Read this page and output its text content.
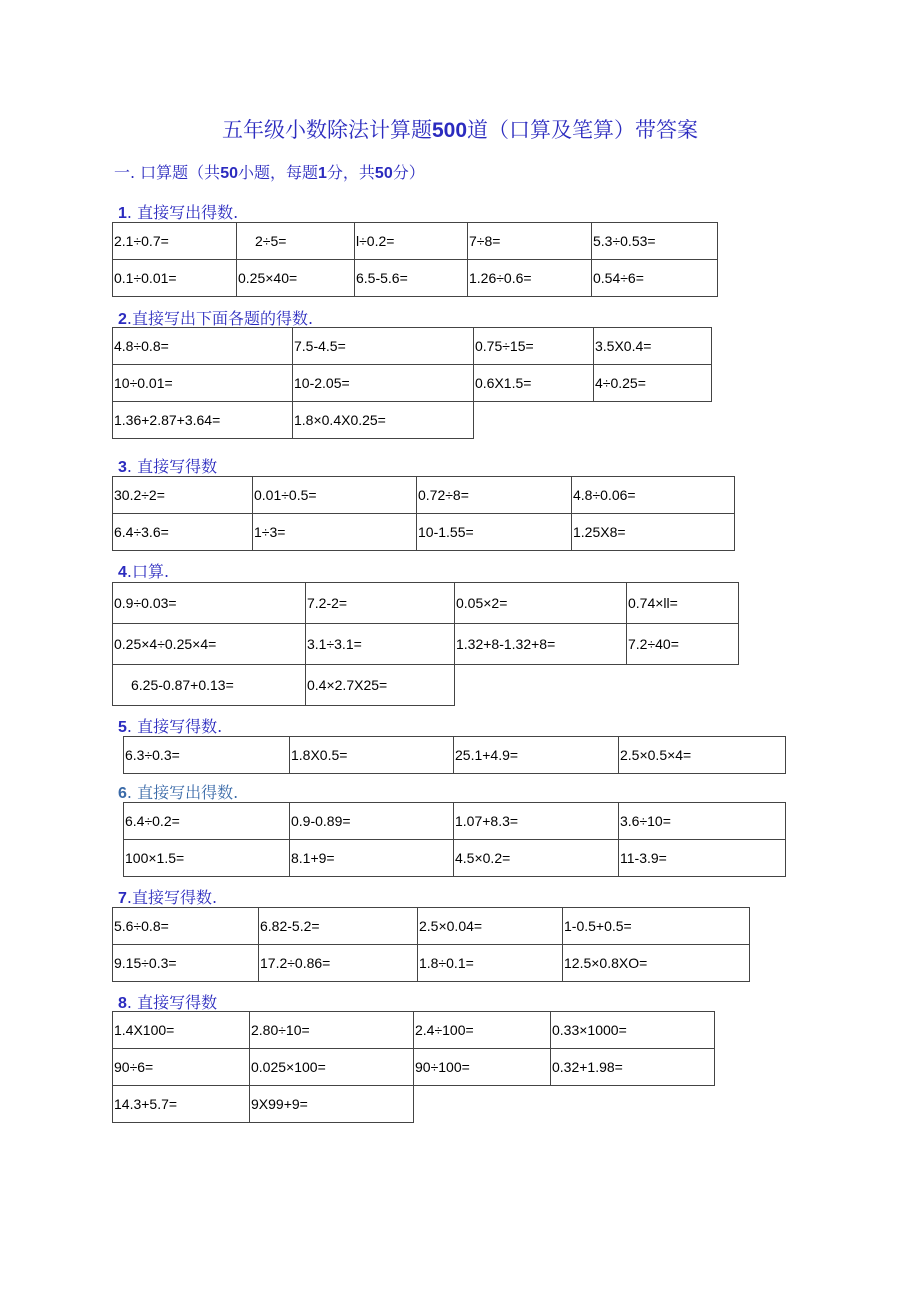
五年级小数除法计算题500道（口算及笔算）带答案
一. 口算题（共50小题，每题1分，共50分）
1. 直接写出得数.
2.1÷0.7=	2÷5=	l÷0.2=	7÷8=	5.3÷0.53=
0.1÷0.01=	0.25×40=	6.5-5.6=	1.26÷0.6=	0.54÷6=
2.直接写出下面各题的得数.
4.8÷0.8=	7.5-4.5=	0.75÷15=	3.5X0.4=
10÷0.01=	10-2.05=	0.6X1.5=	4÷0.25=
1.36+2.87+3.64=	1.8×0.4X0.25=		
3. 直接写得数
30.2÷2=	0.01÷0.5=	0.72÷8=	4.8÷0.06=
6.4÷3.6=	1÷3=	10-1.55=	1.25X8=
4.口算.
0.9÷0.03=	7.2-2=	0.05×2=	0.74×ll=
0.25×4÷0.25×4=	3.1÷3.1=	1.32+8-1.32+8=	7.2÷40=
6.25-0.87+0.13=	0.4×2.7X25=		
5. 直接写得数.
6.3÷0.3=	1.8X0.5=	25.1+4.9=	2.5×0.5×4=
6. 直接写出得数.
6.4÷0.2=	0.9-0.89=	1.07+8.3=	3.6÷10=
100×1.5=	8.1+9=	4.5×0.2=	11-3.9=
7.直接写得数.
5.6÷0.8=	6.82-5.2=	2.5×0.04=	1-0.5+0.5=
9.15÷0.3=	17.2÷0.86=	1.8÷0.1=	12.5×0.8XO=
8. 直接写得数
1.4X100=	2.80÷10=	2.4÷100=	0.33×1000=
90÷6=	0.025×100=	90÷100=	0.32+1.98=
14.3+5.7=	9X99+9=		
